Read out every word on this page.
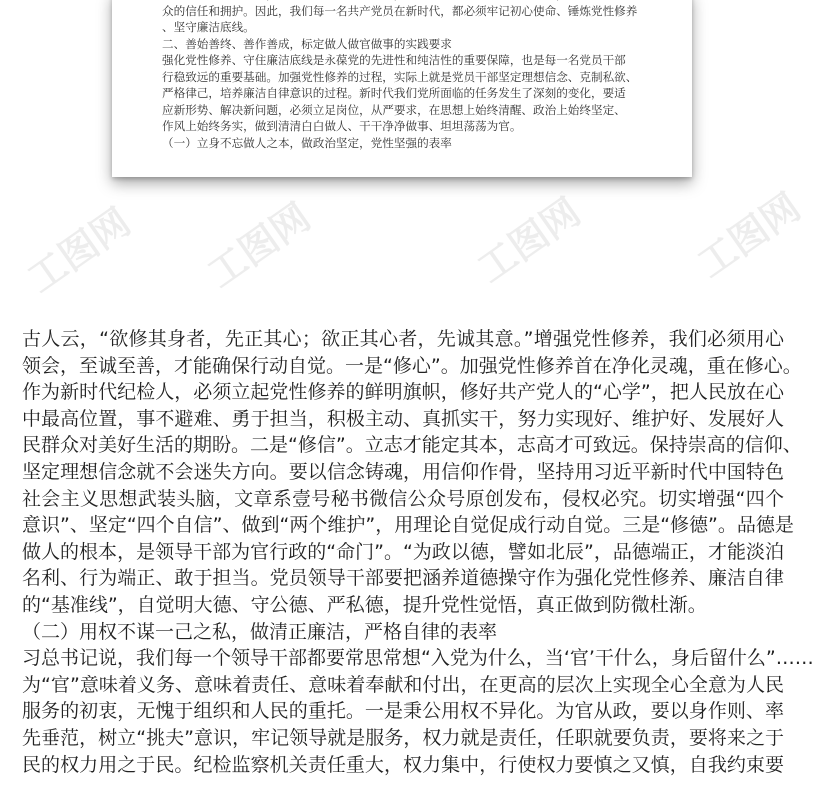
众的信任和拥护。因此，我们每一名共产党员在新时代，都必须牢记初心使命、锤炼党性修养

、坚守廉洁底线。

二、善始善终、善作善成，标定做人做官做事的实践要求

强化党性修养、守住廉洁底线是永葆党的先进性和纯洁性的重要保障，也是每一名党员干部

行稳致远的重要基础。加强党性修养的过程，实际上就是党员干部坚定理想信念、克制私欲、

严格律己，培养廉洁自律意识的过程。新时代我们党所面临的任务发生了深刻的变化，要适

应新形势、解决新问题，必须立足岗位，从严要求，在思想上始终清醒、政治上始终坚定、

作风上始终务实，做到清清白白做人、干干净净做事、坦坦荡荡为官。

（一）立身不忘做人之本，做政治坚定，党性坚强的表率

工图网 工图网	工图网	工图网

古人云，“欲修其身者，先正其心；欲正其心者，先诚其意。”增强党性修养，我们必须用心

领会，至诚至善，才能确保行动自觉。一是“修心”。加强党性修养首在净化灵魂，重在修心。

作为新时代纪检人，必须立起党性修养的鲜明旗帜，修好共产党人的“心学”，把人民放在心

中最高位置，事不避难、勇于担当，积极主动、真抓实干，努力实现好、维护好、发展好人

民群众对美好生活的期盼。二是“修信”。立志才能定其本，志高才可致远。保持崇高的信仰、

坚定理想信念就不会迷失方向。要以信念铸魂，用信仰作骨，坚持用习近平新时代中国特色

社会主义思想武装头脑，文章系壹号秘书微信公众号原创发布，侵权必究。切实增强“四个

意识”、坚定“四个自信”、做到“两个维护”，用理论自觉促成行动自觉。三是“修德”。品德是

做人的根本，是领导干部为官行政的“命门”。“为政以德，譬如北辰”，品德端正，才能淡泊

名利、行为端正、敢于担当。党员领导干部要把涵养道德操守作为强化党性修养、廉洁自律

的“基准线”，自觉明大德、守公德、严私德，提升党性觉悟，真正做到防微杜渐。

（二）用权不谋一己之私，做清正廉洁，严格自律的表率

习总书记说，我们每一个领导干部都要常思常想“入党为什么，当‘官’干什么，身后留什么”……

为“官”意味着义务、意味着责任、意味着奉献和付出，在更高的层次上实现全心全意为人民

服务的初衷，无愧于组织和人民的重托。一是秉公用权不异化。为官从政，要以身作则、率

先垂范，树立“挑夫”意识，牢记领导就是服务，权力就是责任，任职就要负责，要将来之于

民的权力用之于民。纪检监察机关责任重大，权力集中，行使权力要慎之又慎，自我约束要
